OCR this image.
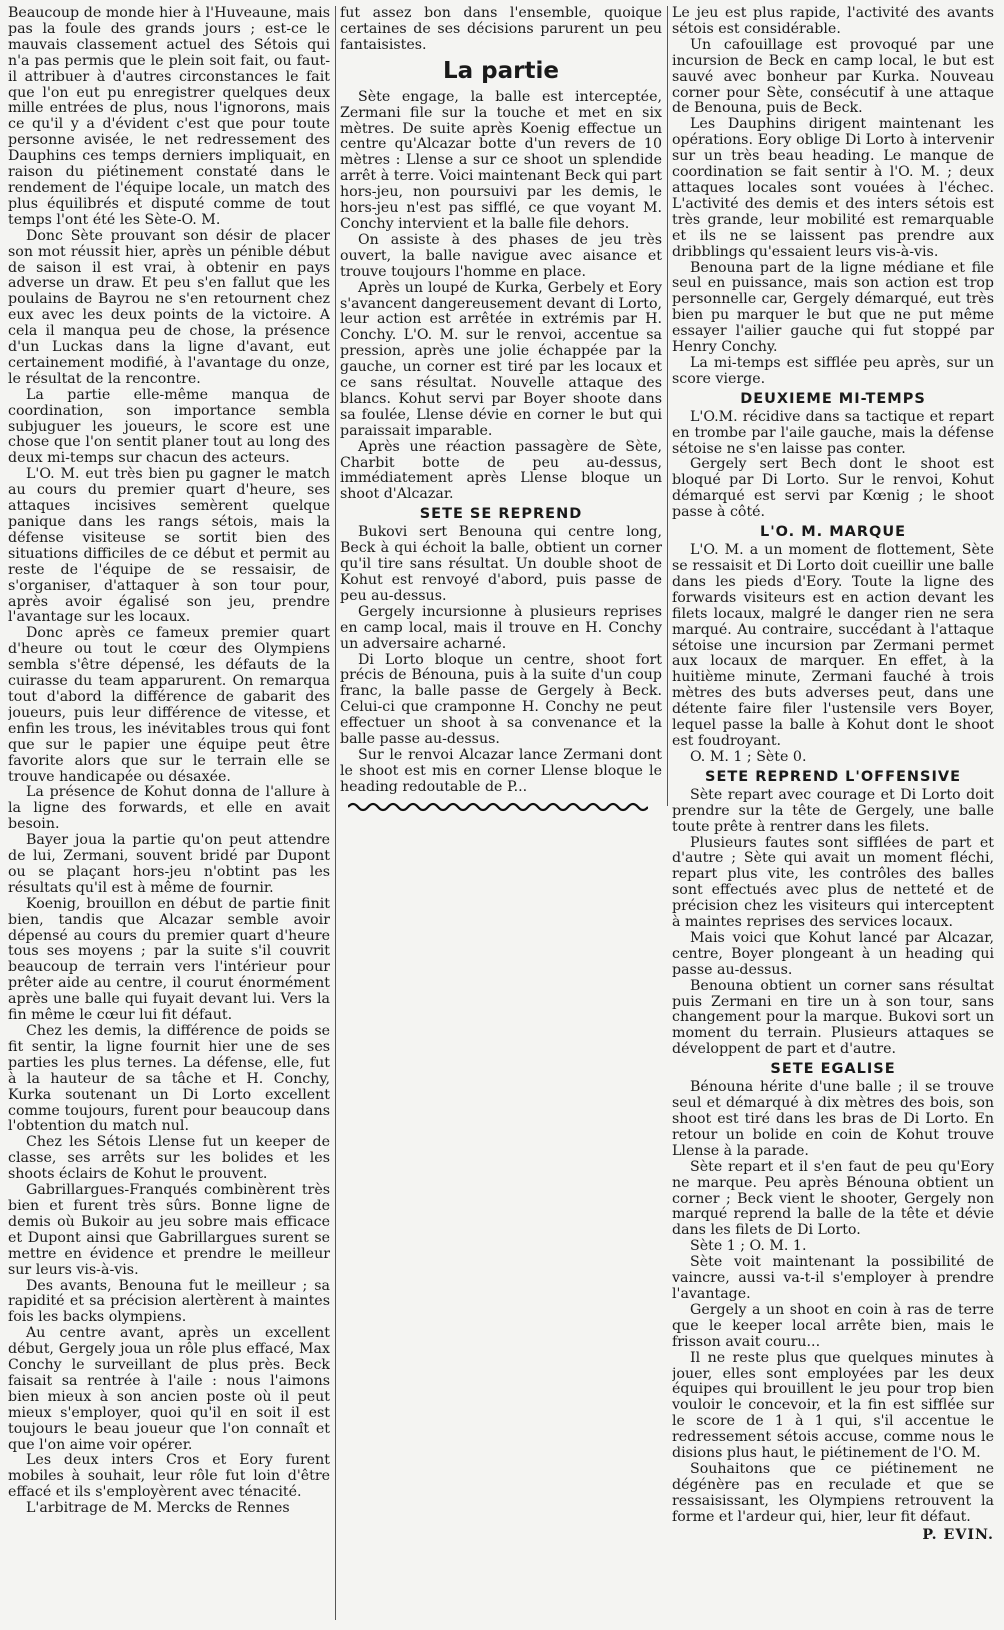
Beaucoup de monde hier à l'Huveaune, mais pas la foule des grands jours ; est-ce le mauvais classement actuel des Sétois qui n'a pas permis que le plein soit fait, ou faut-il attribuer à d'autres circonstances le fait que l'on eut pu enregistrer quelques deux mille entrées de plus, nous l'ignorons, mais ce qu'il y a d'évident c'est que pour toute personne avisée, le net redressement des Dauphins ces temps derniers impliquait, en raison du piétinement constaté dans le rendement de l'équipe locale, un match des plus équilibrés et disputé comme de tout temps l'ont été les Sète-O. M.

Donc Sète prouvant son désir de placer son mot réussit hier, après un pénible début de saison il est vrai, à obtenir en pays adverse un draw. Et peu s'en fallut que les poulains de Bayrou ne s'en retournent chez eux avec les deux points de la victoire. A cela il manqua peu de chose, la présence d'un Luckas dans la ligne d'avant, eut certainement modifié, à l'avantage du onze, le résultat de la rencontre.

La partie elle-même manqua de coordination, son importance sembla subjuguer les joueurs, le score est une chose que l'on sentit planer tout au long des deux mi-temps sur chacun des acteurs.

L'O. M. eut très bien pu gagner le match au cours du premier quart d'heure, ses attaques incisives semèrent quelque panique dans les rangs sétois, mais la défense visiteuse se sortit bien des situations difficiles de ce début et permit au reste de l'équipe de se ressaisir, de s'organiser, d'attaquer à son tour pour, après avoir égalisé son jeu, prendre l'avantage sur les locaux.

Donc après ce fameux premier quart d'heure ou tout le cœur des Olympiens sembla s'être dépensé, les défauts de la cuirasse du team apparurent. On remarqua tout d'abord la différence de gabarit des joueurs, puis leur différence de vitesse, et enfin les trous, les inévitables trous qui font que sur le papier une équipe peut être favorite alors que sur le terrain elle se trouve handicapée ou désaxée.

La présence de Kohut donna de l'allure à la ligne des forwards, et elle en avait besoin.

Bayer joua la partie qu'on peut attendre de lui, Zermani, souvent bridé par Dupont ou se plaçant hors-jeu n'obtint pas les résultats qu'il est à même de fournir.

Koenig, brouillon en début de partie finit bien, tandis que Alcazar semble avoir dépensé au cours du premier quart d'heure tous ses moyens ; par la suite s'il couvrit beaucoup de terrain vers l'intérieur pour prêter aide au centre, il courut énormément après une balle qui fuyait devant lui. Vers la fin même le cœur lui fit défaut.

Chez les demis, la différence de poids se fit sentir, la ligne fournit hier une de ses parties les plus ternes. La défense, elle, fut à la hauteur de sa tâche et H. Conchy, Kurka soutenant un Di Lorto excellent comme toujours, furent pour beaucoup dans l'obtention du match nul.

Chez les Sétois Llense fut un keeper de classe, ses arrêts sur les bolides et les shoots éclairs de Kohut le prouvent.

Gabrillargues-Franqués combinèrent très bien et furent très sûrs. Bonne ligne de demis où Bukoir au jeu sobre mais efficace et Dupont ainsi que Gabrillargues surent se mettre en évidence et prendre le meilleur sur leurs vis-à-vis.

Des avants, Benouna fut le meilleur ; sa rapidité et sa précision alertèrent à maintes fois les backs olympiens.

Au centre avant, après un excellent début, Gergely joua un rôle plus effacé, Max Conchy le surveillant de plus près. Beck faisait sa rentrée à l'aile : nous l'aimons bien mieux à son ancien poste où il peut mieux s'employer, quoi qu'il en soit il est toujours le beau joueur que l'on connaît et que l'on aime voir opérer.

Les deux inters Cros et Eory furent mobiles à souhait, leur rôle fut loin d'être effacé et ils s'employèrent avec ténacité.

L'arbitrage de M. Mercks de Rennes

fut assez bon dans l'ensemble, quoique certaines de ses décisions parurent un peu fantaisistes.

La partie

Sète engage, la balle est interceptée, Zermani file sur la touche et met en six mètres. De suite après Koenig effectue un centre qu'Alcazar botte d'un revers de 10 mètres : Llense a sur ce shoot un splendide arrêt à terre. Voici maintenant Beck qui part hors-jeu, non poursuivi par les demis, le hors-jeu n'est pas sifflé, ce que voyant M. Conchy intervient et la balle file dehors.

On assiste à des phases de jeu très ouvert, la balle navigue avec aisance et trouve toujours l'homme en place.

Après un loupé de Kurka, Gerbely et Eory s'avancent dangereusement devant di Lorto, leur action est arrêtée in extrémis par H. Conchy. L'O. M. sur le renvoi, accentue sa pression, après une jolie échappée par la gauche, un corner est tiré par les locaux et ce sans résultat. Nouvelle attaque des blancs. Kohut servi par Boyer shoote dans sa foulée, Llense dévie en corner le but qui paraissait imparable.

Après une réaction passagère de Sète, Charbit botte de peu au-dessus, immédiatement après Llense bloque un shoot d'Alcazar.

SETE SE REPREND

Bukovi sert Benouna qui centre long, Beck à qui échoit la balle, obtient un corner qu'il tire sans résultat. Un double shoot de Kohut est renvoyé d'abord, puis passe de peu au-dessus.

Gergely incursionne à plusieurs reprises en camp local, mais il trouve en H. Conchy un adversaire acharné.

Di Lorto bloque un centre, shoot fort précis de Bénouna, puis à la suite d'un coup franc, la balle passe de Gergely à Beck. Celui-ci que cramponne H. Conchy ne peut effectuer un shoot à sa convenance et la balle passe au-dessus.

Sur le renvoi Alcazar lance Zermani dont le shoot est mis en corner Llense bloque le heading redoutable de P...

Le jeu est plus rapide, l'activité des avants sétois est considérable.

Un cafouillage est provoqué par une incursion de Beck en camp local, le but est sauvé avec bonheur par Kurka. Nouveau corner pour Sète, consécutif à une attaque de Benouna, puis de Beck.

Les Dauphins dirigent maintenant les opérations. Eory oblige Di Lorto à intervenir sur un très beau heading. Le manque de coordination se fait sentir à l'O. M. ; deux attaques locales sont vouées à l'échec. L'activité des demis et des inters sétois est très grande, leur mobilité est remarquable et ils ne se laissent pas prendre aux dribblings qu'essaient leurs vis-à-vis.

Benouna part de la ligne médiane et file seul en puissance, mais son action est trop personnelle car, Gergely démarqué, eut très bien pu marquer le but que ne put même essayer l'ailier gauche qui fut stoppé par Henry Conchy.

La mi-temps est sifflée peu après, sur un score vierge.

DEUXIEME MI-TEMPS

L'O.M. récidive dans sa tactique et repart en trombe par l'aile gauche, mais la défense sétoise ne s'en laisse pas conter.

Gergely sert Bech dont le shoot est bloqué par Di Lorto. Sur le renvoi, Kohut démarqué est servi par Kœnig ; le shoot passe à côté.

L'O. M. MARQUE

L'O. M. a un moment de flottement, Sète se ressaisit et Di Lorto doit cueillir une balle dans les pieds d'Eory. Toute la ligne des forwards visiteurs est en action devant les filets locaux, malgré le danger rien ne sera marqué. Au contraire, succédant à l'attaque sétoise une incursion par Zermani permet aux locaux de marquer. En effet, à la huitième minute, Zermani fauché à trois mètres des buts adverses peut, dans une détente faire filer l'ustensile vers Boyer, lequel passe la balle à Kohut dont le shoot est foudroyant.

O. M. 1 ; Sète 0.

SETE REPREND L'OFFENSIVE

Sète repart avec courage et Di Lorto doit prendre sur la tête de Gergely, une balle toute prête à rentrer dans les filets.

Plusieurs fautes sont sifflées de part et d'autre ; Sète qui avait un moment fléchi, repart plus vite, les contrôles des balles sont effectués avec plus de netteté et de précision chez les visiteurs qui interceptent à maintes reprises des services locaux.

Mais voici que Kohut lancé par Alcazar, centre, Boyer plongeant à un heading qui passe au-dessus.

Benouna obtient un corner sans résultat puis Zermani en tire un à son tour, sans changement pour la marque. Bukovi sort un moment du terrain. Plusieurs attaques se développent de part et d'autre.

SETE EGALISE

Bénouna hérite d'une balle ; il se trouve seul et démarqué à dix mètres des bois, son shoot est tiré dans les bras de Di Lorto. En retour un bolide en coin de Kohut trouve Llense à la parade.

Sète repart et il s'en faut de peu qu'Eory ne marque. Peu après Bénouna obtient un corner ; Beck vient le shooter, Gergely non marqué reprend la balle de la tête et dévie dans les filets de Di Lorto.

Sète 1 ; O. M. 1.

Sète voit maintenant la possibilité de vaincre, aussi va-t-il s'employer à prendre l'avantage.

Gergely a un shoot en coin à ras de terre que le keeper local arrête bien, mais le frisson avait couru...

Il ne reste plus que quelques minutes à jouer, elles sont employées par les deux équipes qui brouillent le jeu pour trop bien vouloir le concevoir, et la fin est sifflée sur le score de 1 à 1 qui, s'il accentue le redressement sétois accuse, comme nous le disions plus haut, le piétinement de l'O. M.

Souhaitons que ce piétinement ne dégénère pas en reculade et que se ressaisissant, les Olympiens retrouvent la forme et l'ardeur qui, hier, leur fit défaut.

P. EVIN.
